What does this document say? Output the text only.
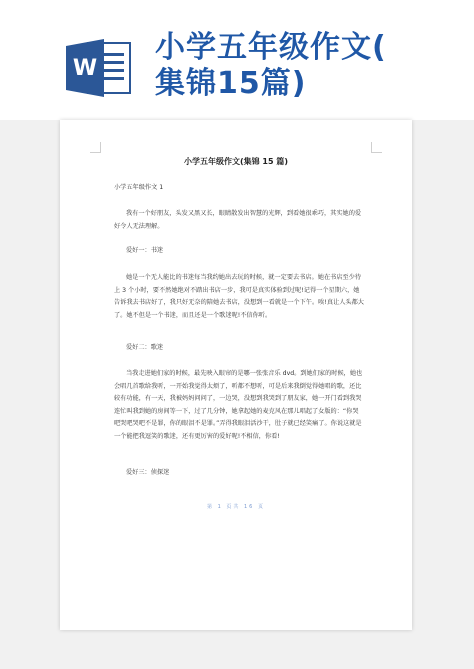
W
小学五年级作文(
集锦15篇)
小学五年级作文(集锦 15 篇)
小学五年级作文 1
我有一个好朋友，头发又黑又长，眼睛散发出智慧的光辉，到看她很乖巧，其实她的爱好令人无法理解。
爱好一：书迷
她是一个无人能比的书迷每当我约她出去玩的时候，就一定要去书店。她在书店至少待上 3 个小时，要不然她绝对不踏出书店一步，我可是真实体验到过呢!记得一个星期六，她告诉我去书店好了，我只好无奈的陪她去书店，没想到一看就是一个下午。唉!真让人头都大了。她不但是一个书迷，而且还是一个歌迷呢!不信你听。
爱好二：歌迷
当我走进她们家的时候，最先映入眼帘的是哪一张张音乐 dvd。到她们家的时候，她也会唱几首歌给我听，一开始我觉得太烦了，听都不想听，可是后来我倒觉得她唱的歌，还比较有功能，有一天，我被妈妈问问了，一边哭，没想到我哭到了朋友家，她一开门看到我哭连忙叫我到她的房间等一下，过了几分钟，她拿起她的麦克风在那儿唱起了女版的：“你哭吧哭吧哭吧不是罪，你的眼泪不是罪。”弄得我眼泪活沙干，肚子就已经笑痛了。你说这就是一个能把我逗笑的歌迷，还有更厉害的爱好呢!不相信，你看!
爱好三：侦探迷
第 1 页共 16 页
